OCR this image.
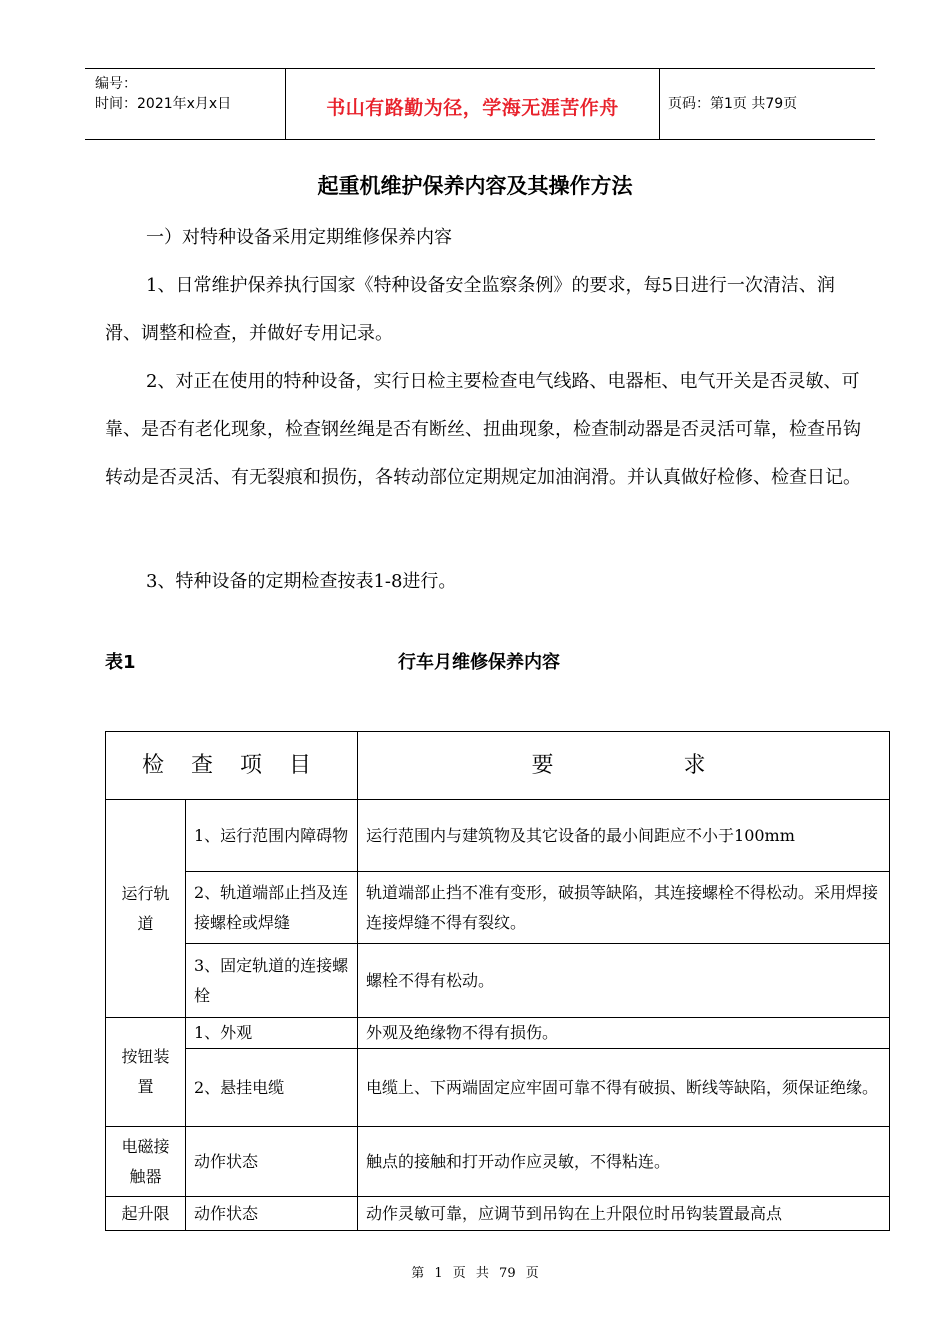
编号：
时间：2021年x月x日	书山有路勤为径，学海无涯苦作舟	页码：第1页 共79页
起重机维护保养内容及其操作方法
一）对特种设备采用定期维修保养内容
1、日常维护保养执行国家《特种设备安全监察条例》的要求，每5日进行一次清洁、润滑、调整和检查，并做好专用记录。
2、对正在使用的特种设备，实行日检主要检查电气线路、电器柜、电气开关是否灵敏、可靠、是否有老化现象，检查钢丝绳是否有断丝、扭曲现象，检查制动器是否灵活可靠，检查吊钩转动是否灵活、有无裂痕和损伤，各转动部位定期规定加油润滑。并认真做好检修、检查日记。
3、特种设备的定期检查按表1-8进行。
表1	行车月维修保养内容
检 查 项 目		要 求
运行轨道	1、运行范围内障碍物	运行范围内与建筑物及其它设备的最小间距应不小于100mm
	2、轨道端部止挡及连接螺栓或焊缝	轨道端部止挡不准有变形，破损等缺陷，其连接螺栓不得松动。采用焊接连接焊缝不得有裂纹。
	3、固定轨道的连接螺栓	螺栓不得有松动。
按钮装置	1、外观	外观及绝缘物不得有损伤。
	2、悬挂电缆	电缆上、下两端固定应牢固可靠不得有破损、断线等缺陷，须保证绝缘。
电磁接触器	动作状态	触点的接触和打开动作应灵敏，不得粘连。
起升限	动作状态	动作灵敏可靠，应调节到吊钩在上升限位时吊钩装置最高点
第 1 页 共 79 页
